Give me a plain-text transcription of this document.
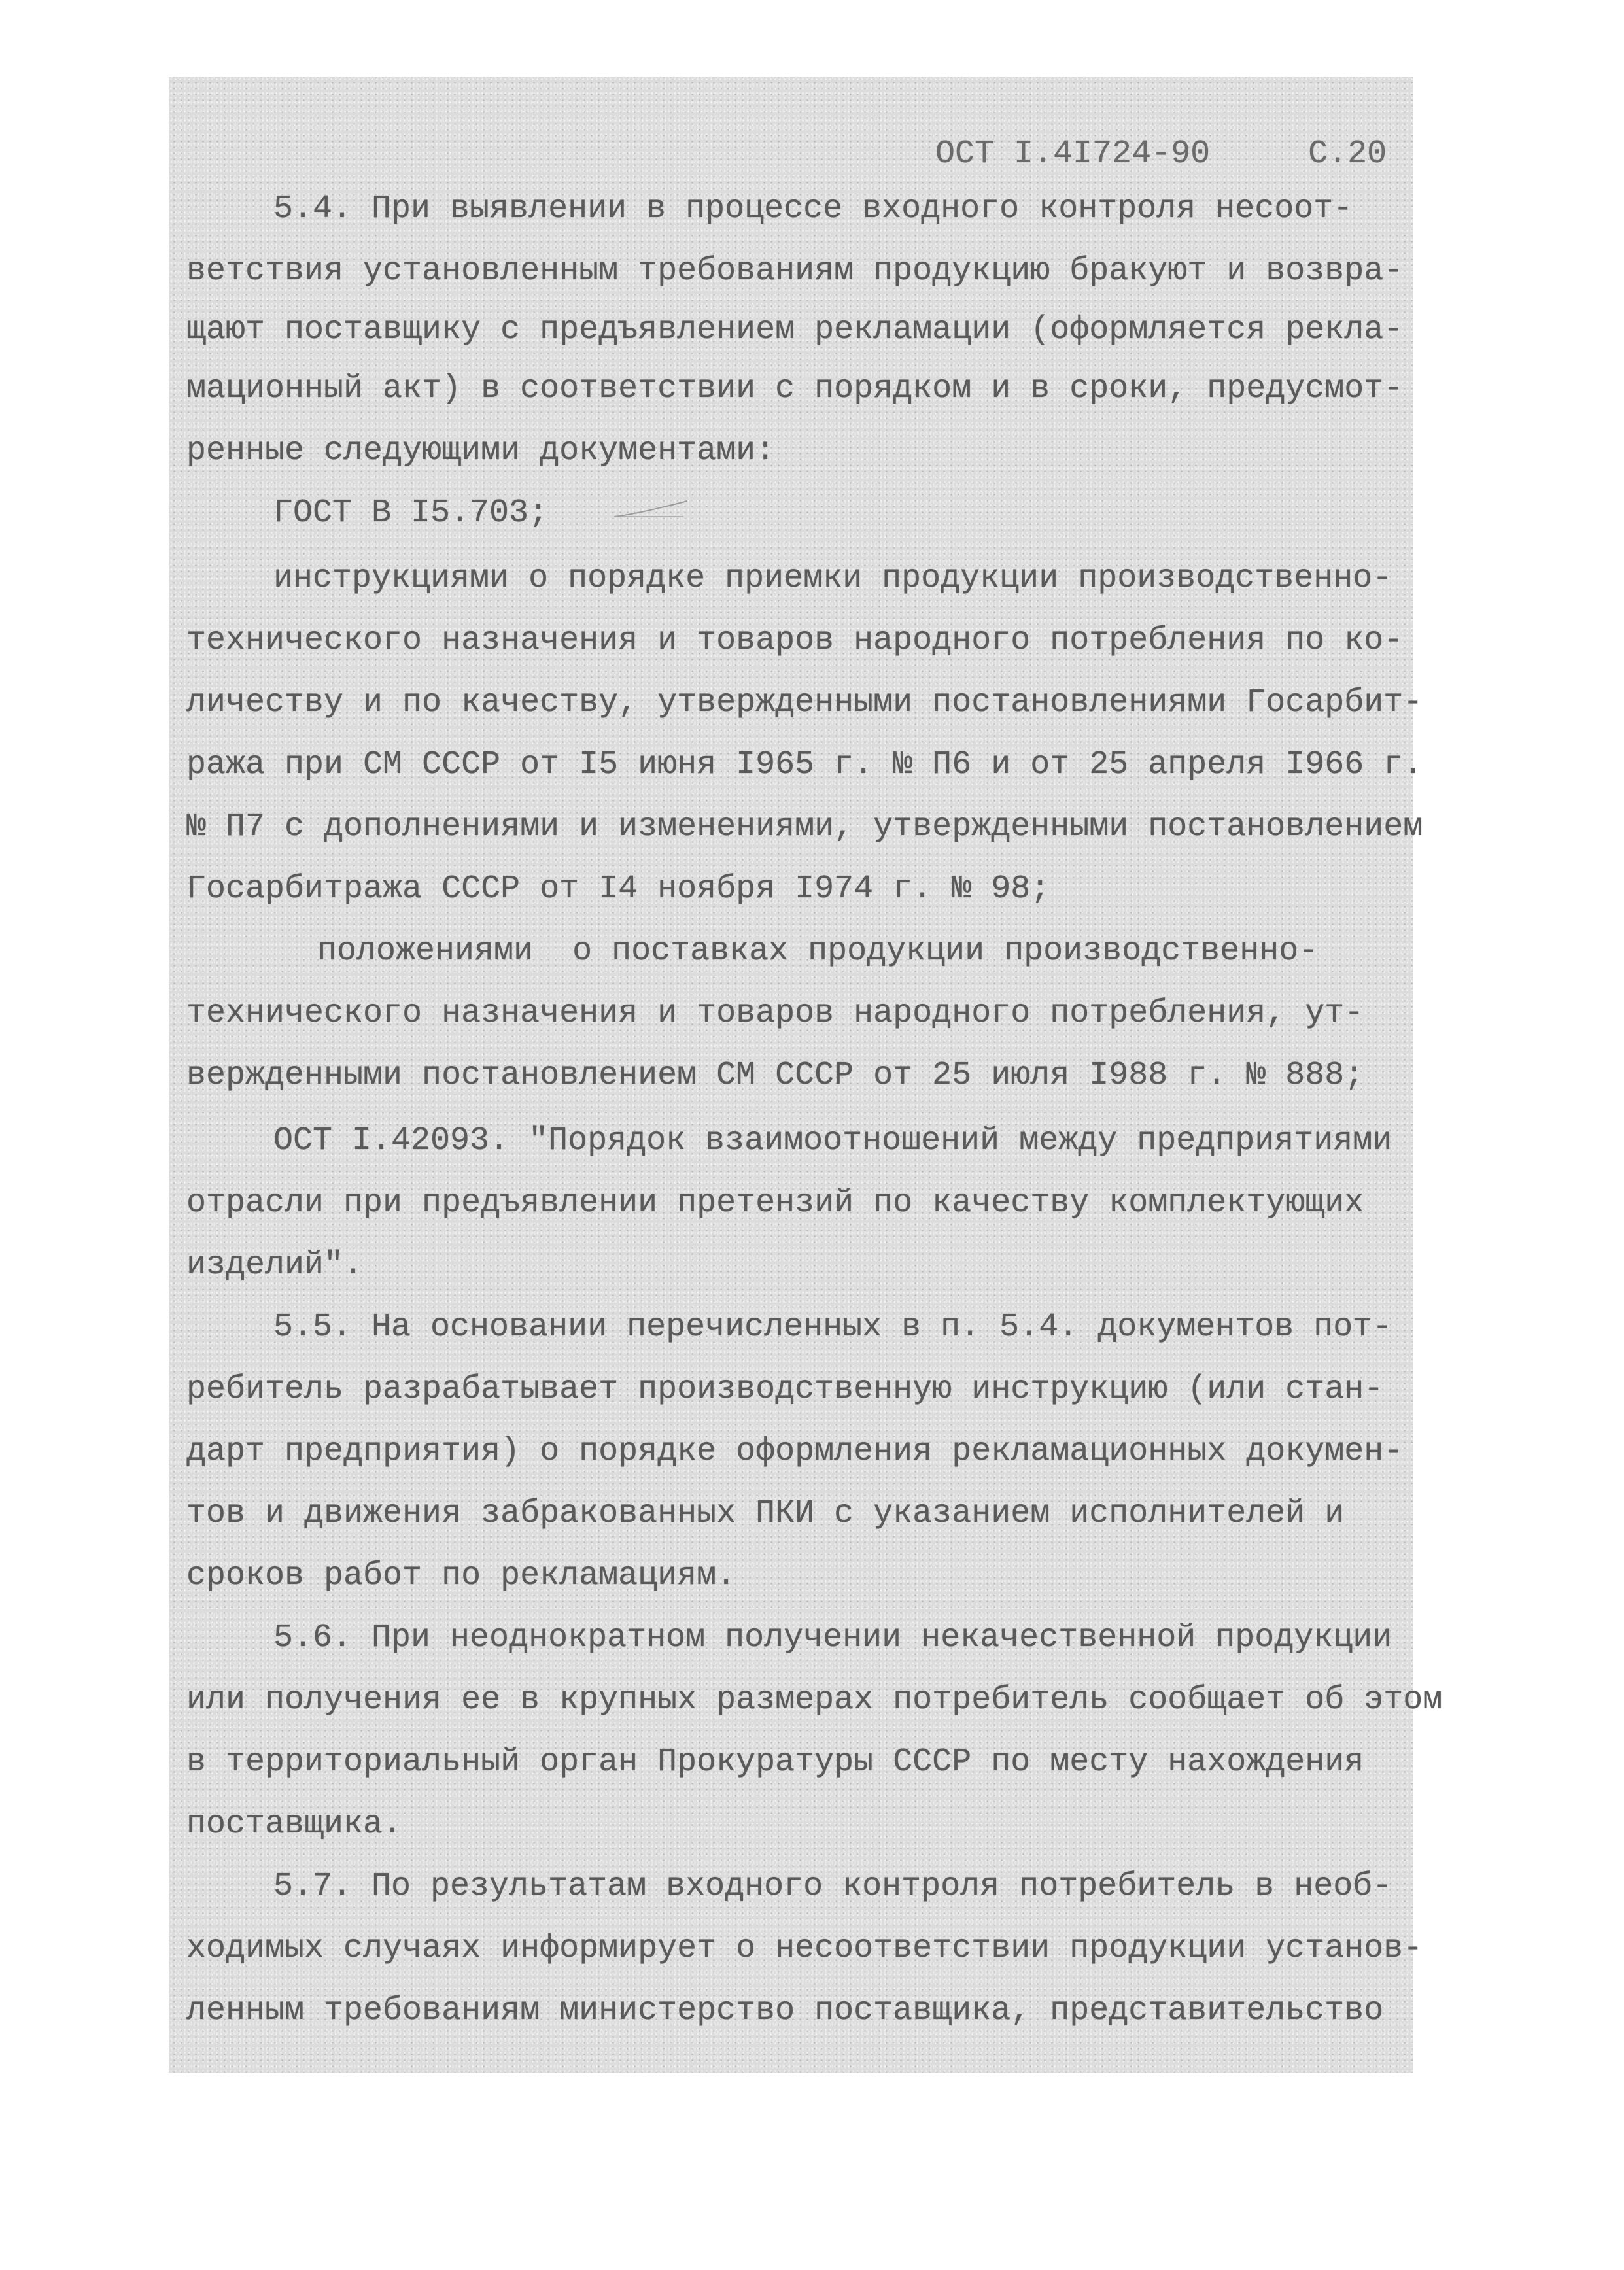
ОСТ I.4I724-90	С.20

5.4. При выявлении в процессе входного контроля несоот-

ветствия установленным требованиям продукцию бракуют и возвра-

щают поставщику с предъявлением рекламации (оформляется рекла-

мационный акт) в соответствии с порядком и в сроки, предусмот-

ренные следующими документами:

ГОСТ В I5.703;

инструкциями о порядке приемки продукции производственно-

технического назначения и товаров народного потребления по ко-

личеству и по качеству, утвержденными постановлениями Госарбит-

ража при СМ СССР от I5 июня I965 г. № П6 и от 25 апреля I966 г.

№ П7 с дополнениями и изменениями, утвержденными постановлением

Госарбитража СССР от I4 ноября I974 г. № 98;

положениями  о поставках продукции производственно-

технического назначения и товаров народного потребления, ут-

вержденными постановлением СМ СССР от 25 июля I988 г. № 888;

ОСТ I.42093. "Порядок взаимоотношений между предприятиями

отрасли при предъявлении претензий по качеству комплектующих

изделий".

5.5. На основании перечисленных в п. 5.4. документов пот-

ребитель разрабатывает производственную инструкцию (или стан-

дарт предприятия) о порядке оформления рекламационных докумен-

тов и движения забракованных ПКИ с указанием исполнителей и

сроков работ по рекламациям.

5.6. При неоднократном получении некачественной продукции

или получения ее в крупных размерах потребитель сообщает об этом

в территориальный орган Прокуратуры СССР по месту нахождения

поставщика.

5.7. По результатам входного контроля потребитель в необ-

ходимых случаях информирует о несоответствии продукции установ-

ленным требованиям министерство поставщика, представительство
